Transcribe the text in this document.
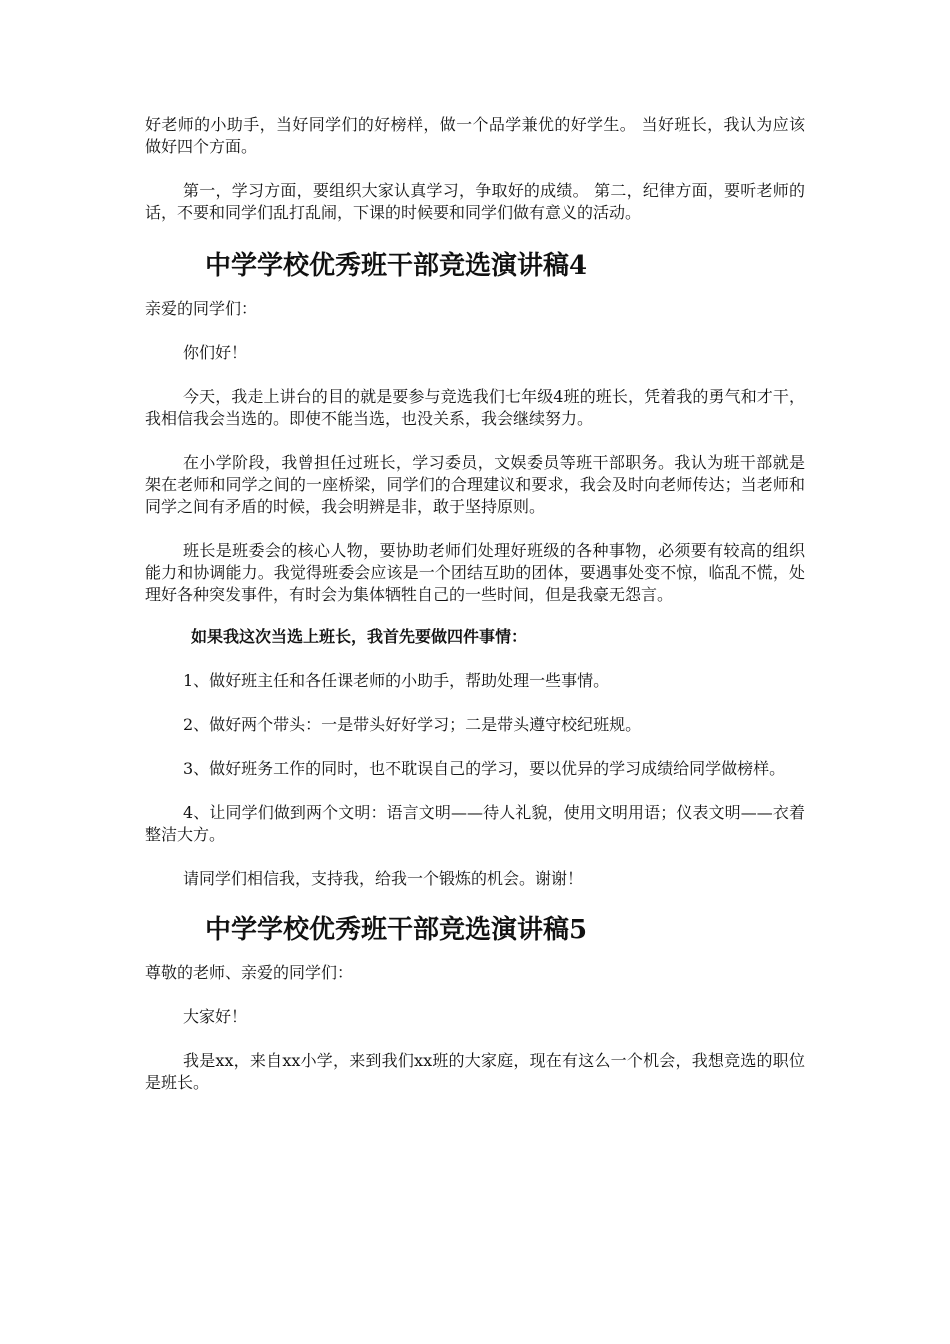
好老师的小助手，当好同学们的好榜样，做一个品学兼优的好学生。 当好班长，我认为应该做好四个方面。

第一，学习方面，要组织大家认真学习，争取好的成绩。 第二，纪律方面，要听老师的话，不要和同学们乱打乱闹，下课的时候要和同学们做有意义的活动。

中学学校优秀班干部竞选演讲稿4

亲爱的同学们：

你们好！

今天，我走上讲台的目的就是要参与竞选我们七年级4班的班长，凭着我的勇气和才干，我相信我会当选的。即使不能当选，也没关系，我会继续努力。

在小学阶段，我曾担任过班长，学习委员，文娱委员等班干部职务。我认为班干部就是架在老师和同学之间的一座桥梁，同学们的合理建议和要求，我会及时向老师传达；当老师和同学之间有矛盾的时候，我会明辨是非，敢于坚持原则。

班长是班委会的核心人物，要协助老师们处理好班级的各种事物，必须要有较高的组织能力和协调能力。我觉得班委会应该是一个团结互助的团体，要遇事处变不惊，临乱不慌，处理好各种突发事件，有时会为集体牺牲自己的一些时间，但是我豪无怨言。

如果我这次当选上班长，我首先要做四件事情：

1、做好班主任和各任课老师的小助手，帮助处理一些事情。

2、做好两个带头：一是带头好好学习；二是带头遵守校纪班规。

3、做好班务工作的同时，也不耽误自己的学习，要以优异的学习成绩给同学做榜样。

4、让同学们做到两个文明：语言文明——待人礼貌，使用文明用语；仪表文明——衣着整洁大方。

请同学们相信我，支持我，给我一个锻炼的机会。谢谢！

中学学校优秀班干部竞选演讲稿5

尊敬的老师、亲爱的同学们：

大家好！

我是xx，来自xx小学，来到我们xx班的大家庭，现在有这么一个机会，我想竞选的职位是班长。
